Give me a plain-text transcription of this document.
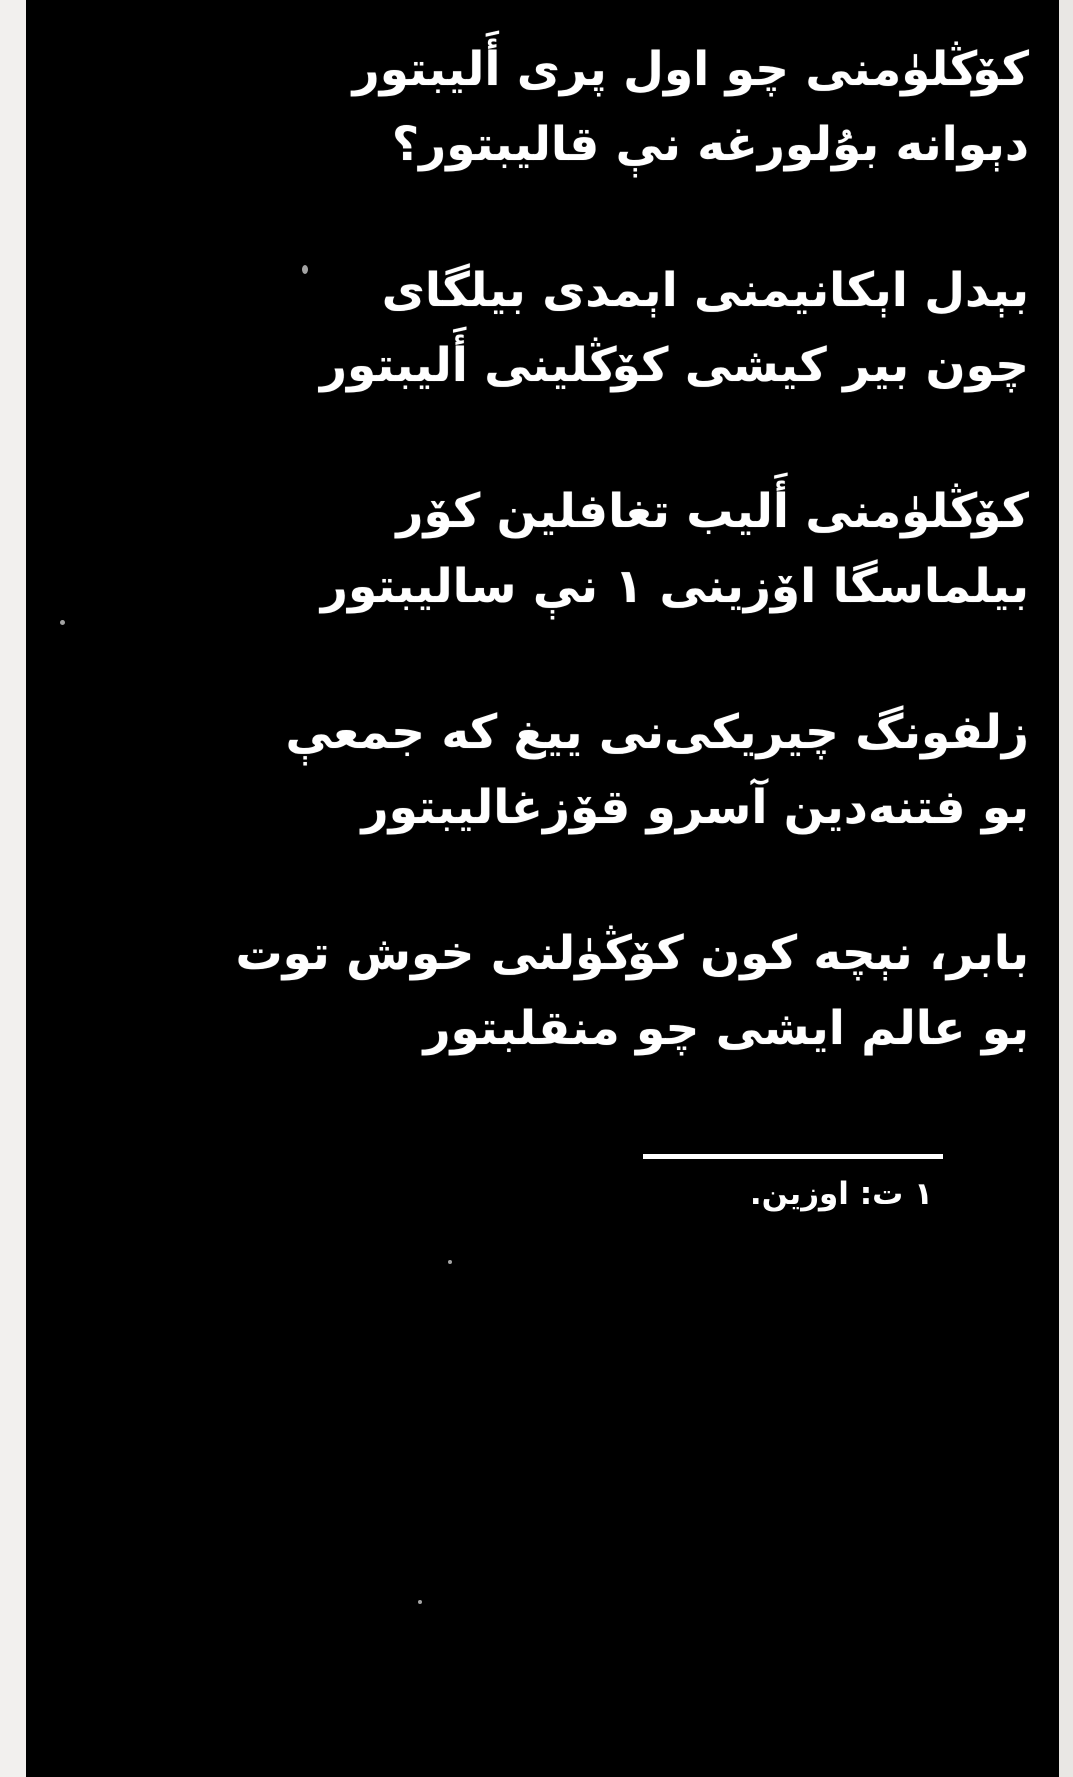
كۆڭلۈمنى چو اول پرى أَليبتور
دېوانه بۇلورغه نې قاليبتور؟
بېدل اېكانيمنى اېمدى بيلگاى
چون بير كيشى كۆڭلينى أَليبتور
كۆڭلۈمنى أَليب تغافلين كۆر
بيلماسگا اۆزينى ١ نې ساليبتور
زلفونگ چيريكى‌نى ييغ كه جمعې
بو فتنه‌دين آسرو قۆزغاليبتور
بابر، نېچه كون كۆڭۈلنى خوش توت
بو عالم ايشى چو منقلبتور
١ ت: اوزين.
